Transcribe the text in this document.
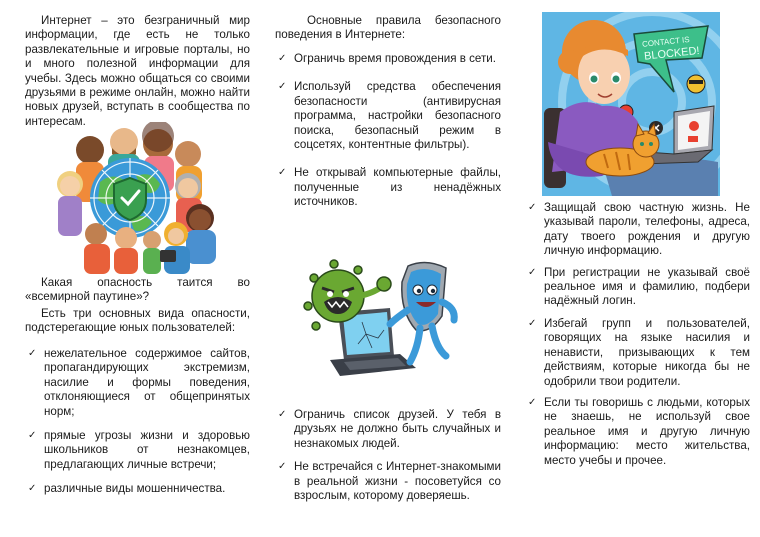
Интернет – это безграничный мир информации, где есть не только развлекательные и игровые порталы, но и много полезной информации для учебы. Здесь можно общаться со своими друзьями в режиме онлайн, можно найти новых друзей, вступать в сообщества по интересам.

Какая опасность таится во

«всемирной паутине»?

Есть три основных вида опасности, подстерегающие юных пользователей:

✓ нежелательное содержимое сайтов, пропагандирующих экстремизм, насилие и формы поведения, отклоняющиеся от общепринятых норм;
✓ прямые угрозы жизни и здоровью школьников от незнакомцев, предлагающих личные встречи;
✓ различные виды мошенничества.

Основные правила безопасного поведения в Интернете:

✓ Ограничь время провождения в сети.
✓ Используй средства обеспечения безопасности (антивирусная программа, настройки безопасного поиска, безопасный режим в соцсетях, контентные фильтры).
✓ Не открывай компьютерные файлы, полученные из ненадёжных источников.
✓ Ограничь список друзей. У тебя в друзьях не должно быть случайных и незнакомых людей.
✓ Не встречайся с Интернет-знакомыми в реальной жизни - посоветуйся со взрослым, которому доверяешь.
✓ Защищай свою частную жизнь. Не указывай пароли, телефоны, адреса, дату твоего рождения и другую личную информацию.
✓ При регистрации не указывай своё реальное имя и фамилию, подбери надёжный логин.
✓ Избегай групп и пользователей, говорящих на языке насилия и ненависти, призывающих к тем действиям, которые никогда бы не одобрили твои родители.
✓ Если ты говоришь с людьми, которых не знаешь, не используй свое реальное имя и другую личную информацию: место жительства, место учебы и прочее.
CONTACT IS
BLOCKED!
